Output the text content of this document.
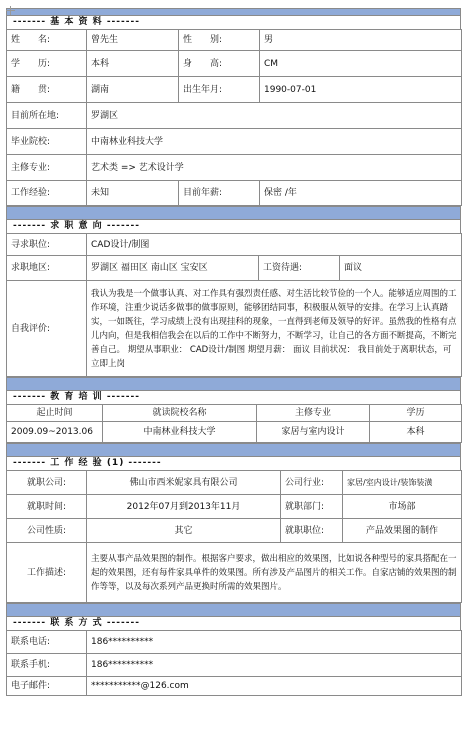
------- 基 本 资 料 -------
姓　　名:	曾先生	性　　别:	男
学　　历:	本科	身　　高:	CM
籍　　贯:	湖南	出生年月:	1990-07-01
目前所在地:	罗湖区		
毕业院校:	中南林业科技大学		
主修专业:	艺术类 => 艺术设计学		
工作经验:	未知	目前年薪:	保密 /年
------- 求 职 意 向 -------
寻求职位:	CAD设计/制图		
求职地区:	罗湖区 福田区 南山区 宝安区	工资待遇:	面议
自我评价:	我认为我是一个做事认真、对工作具有强烈责任感、对生活比较节俭的一个人。能够适应周围的工作环境，注重少说话多做事的做事原则，能够团结同事，积极服从领导的安排。在学习上认真踏实，一如既往，学习成绩上没有出现挂科的现象，一直得到老师及领导的好评。虽然我的性格有点儿内向，但是我相信我会在以后的工作中不断努力，不断学习，让自己的各方面不断提高，不断完善自己。 期望从事职业： CAD设计/制图 期望月薪： 面议 目前状况： 我目前处于离职状态，可立即上岗		
------- 教 育 培 训 -------
起止时间	就读院校名称	主修专业	学历
2009.09~2013.06	中南林业科技大学	家居与室内设计	本科
------- 工 作 经 验 (1) -------
就职公司:	佛山市西米妮家具有限公司	公司行业:	家居/室内设计/装饰装潢
就职时间:	2012年07月到2013年11月	就职部门:	市场部
公司性质:	其它	就职职位:	产品效果图的制作
工作描述:	主要从事产品效果图的制作。根据客户要求，做出相应的效果图，比如说各种型号的家具搭配在一起的效果图，还有每件家具单件的效果图。所有涉及产品图片的相关工作。自家店铺的效果图的制作等等，以及每次系列产品更换时所需的效果图片。		
------- 联 系 方 式 -------
联系电话:	186**********
联系手机:	186**********
电子邮件:	***********@126.com
